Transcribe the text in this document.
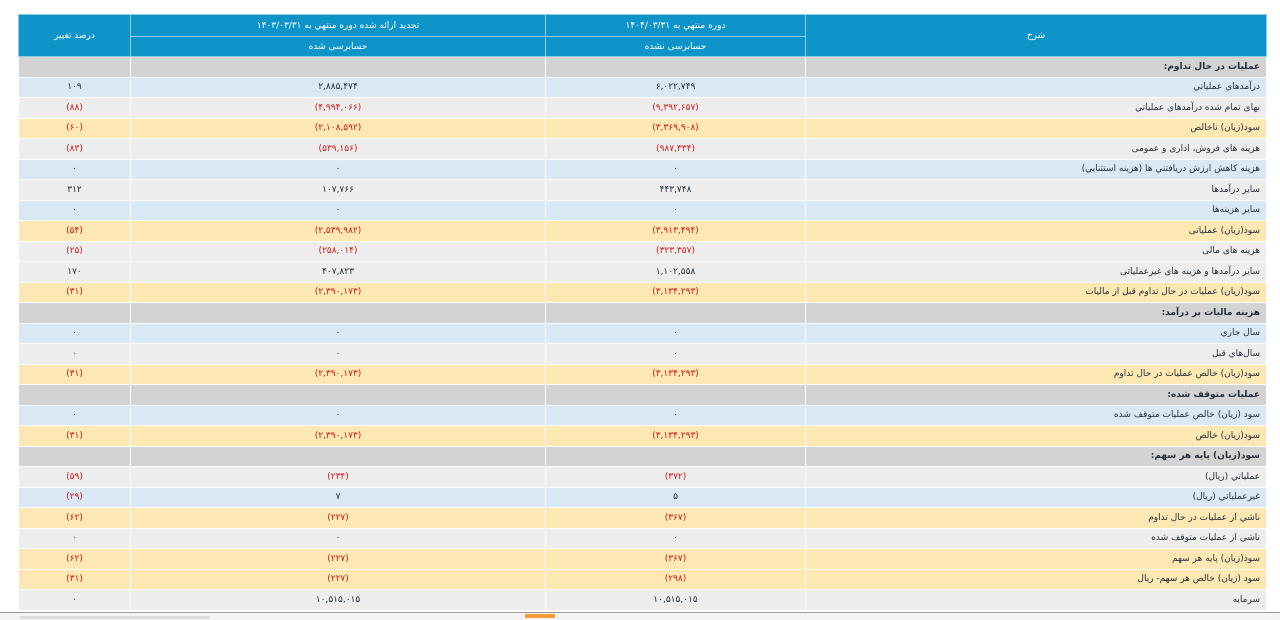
شرح	دوره منتهي به ۱۴۰۴/۰۳/۳۱	تجديد ارائه شده دوره منتهي به ۱۴۰۳/۰۳/۳۱	درصد تغییر
	حسابرسی نشده	حسابرسی شده	
عملیات در حال تداوم:			
درآمدهاي عملياتي	۶,۰۲۲,۷۴۹	۲,۸۸۵,۴۷۴	۱۰۹
بهاى تمام شده درآمدهاي عملياتي	(۹,۳۹۲,۶۵۷)	(۴,۹۹۴,۰۶۶)	(۸۸)
سود(زيان) ناخالص	(۳,۳۶۹,۹۰۸)	(۲,۱۰۸,۵۹۲)	(۶۰)
هزينه هاى فروش، ادارى و عمومى	(۹۸۷,۳۳۴)	(۵۳۹,۱۵۶)	(۸۳)
هزينه کاهش ارزش دريافتني ها (هزينه استثنايي)	۰	۰	۰
ساير درآمدها	۴۴۳,۷۴۸	۱۰۷,۷۶۶	۳۱۲
سایر هزینه‌ها	۰	۰	۰
سود(زيان) عملياتى	(۳,۹۱۳,۴۹۴)	(۲,۵۳۹,۹۸۲)	(۵۴)
هزينه هاى مالى	(۳۲۳,۳۵۷)	(۲۵۸,۰۱۴)	(۲۵)
ساير درآمدها و هزينه هاى غيرعملياتى	۱,۱۰۲,۵۵۸	۴۰۷,۸۲۳	۱۷۰
سود(زيان) عمليات در حال تداوم قبل از ماليات	(۳,۱۳۴,۲۹۳)	(۲,۳۹۰,۱۷۳)	(۳۱)
هزينه ماليات بر درآمد:			
سال جاري	۰	۰	۰
سال‌هاي قبل	۰	۰	۰
سود(زيان) خالص عمليات در حال تداوم	(۳,۱۳۴,۲۹۳)	(۲,۳۹۰,۱۷۳)	(۳۱)
عمليات متوقف شده:			
سود (زيان) خالص عمليات متوقف شده	۰	۰	۰
سود(زيان) خالص	(۳,۱۳۴,۲۹۳)	(۲,۳۹۰,۱۷۳)	(۳۱)
سود(زيان) پايه هر سهم:			
عملياتي (ريال)	(۳۷۲)	(۲۳۴)	(۵۹)
غيرعملياتي (ريال)	۵	۷	(۲۹)
ناشي از عمليات در حال تداوم	(۳۶۷)	(۲۲۷)	(۶۲)
ناشي از عمليات متوقف شده	۰	۰	۰
سود(زيان) پايه هر سهم	(۳۶۷)	(۲۲۷)	(۶۲)
سود (زيان) خالص هر سهم- ريال	(۲۹۸)	(۲۲۷)	(۳۱)
سرمايه	۱۰,۵۱۵,۰۱۵	۱۰,۵۱۵,۰۱۵	۰
